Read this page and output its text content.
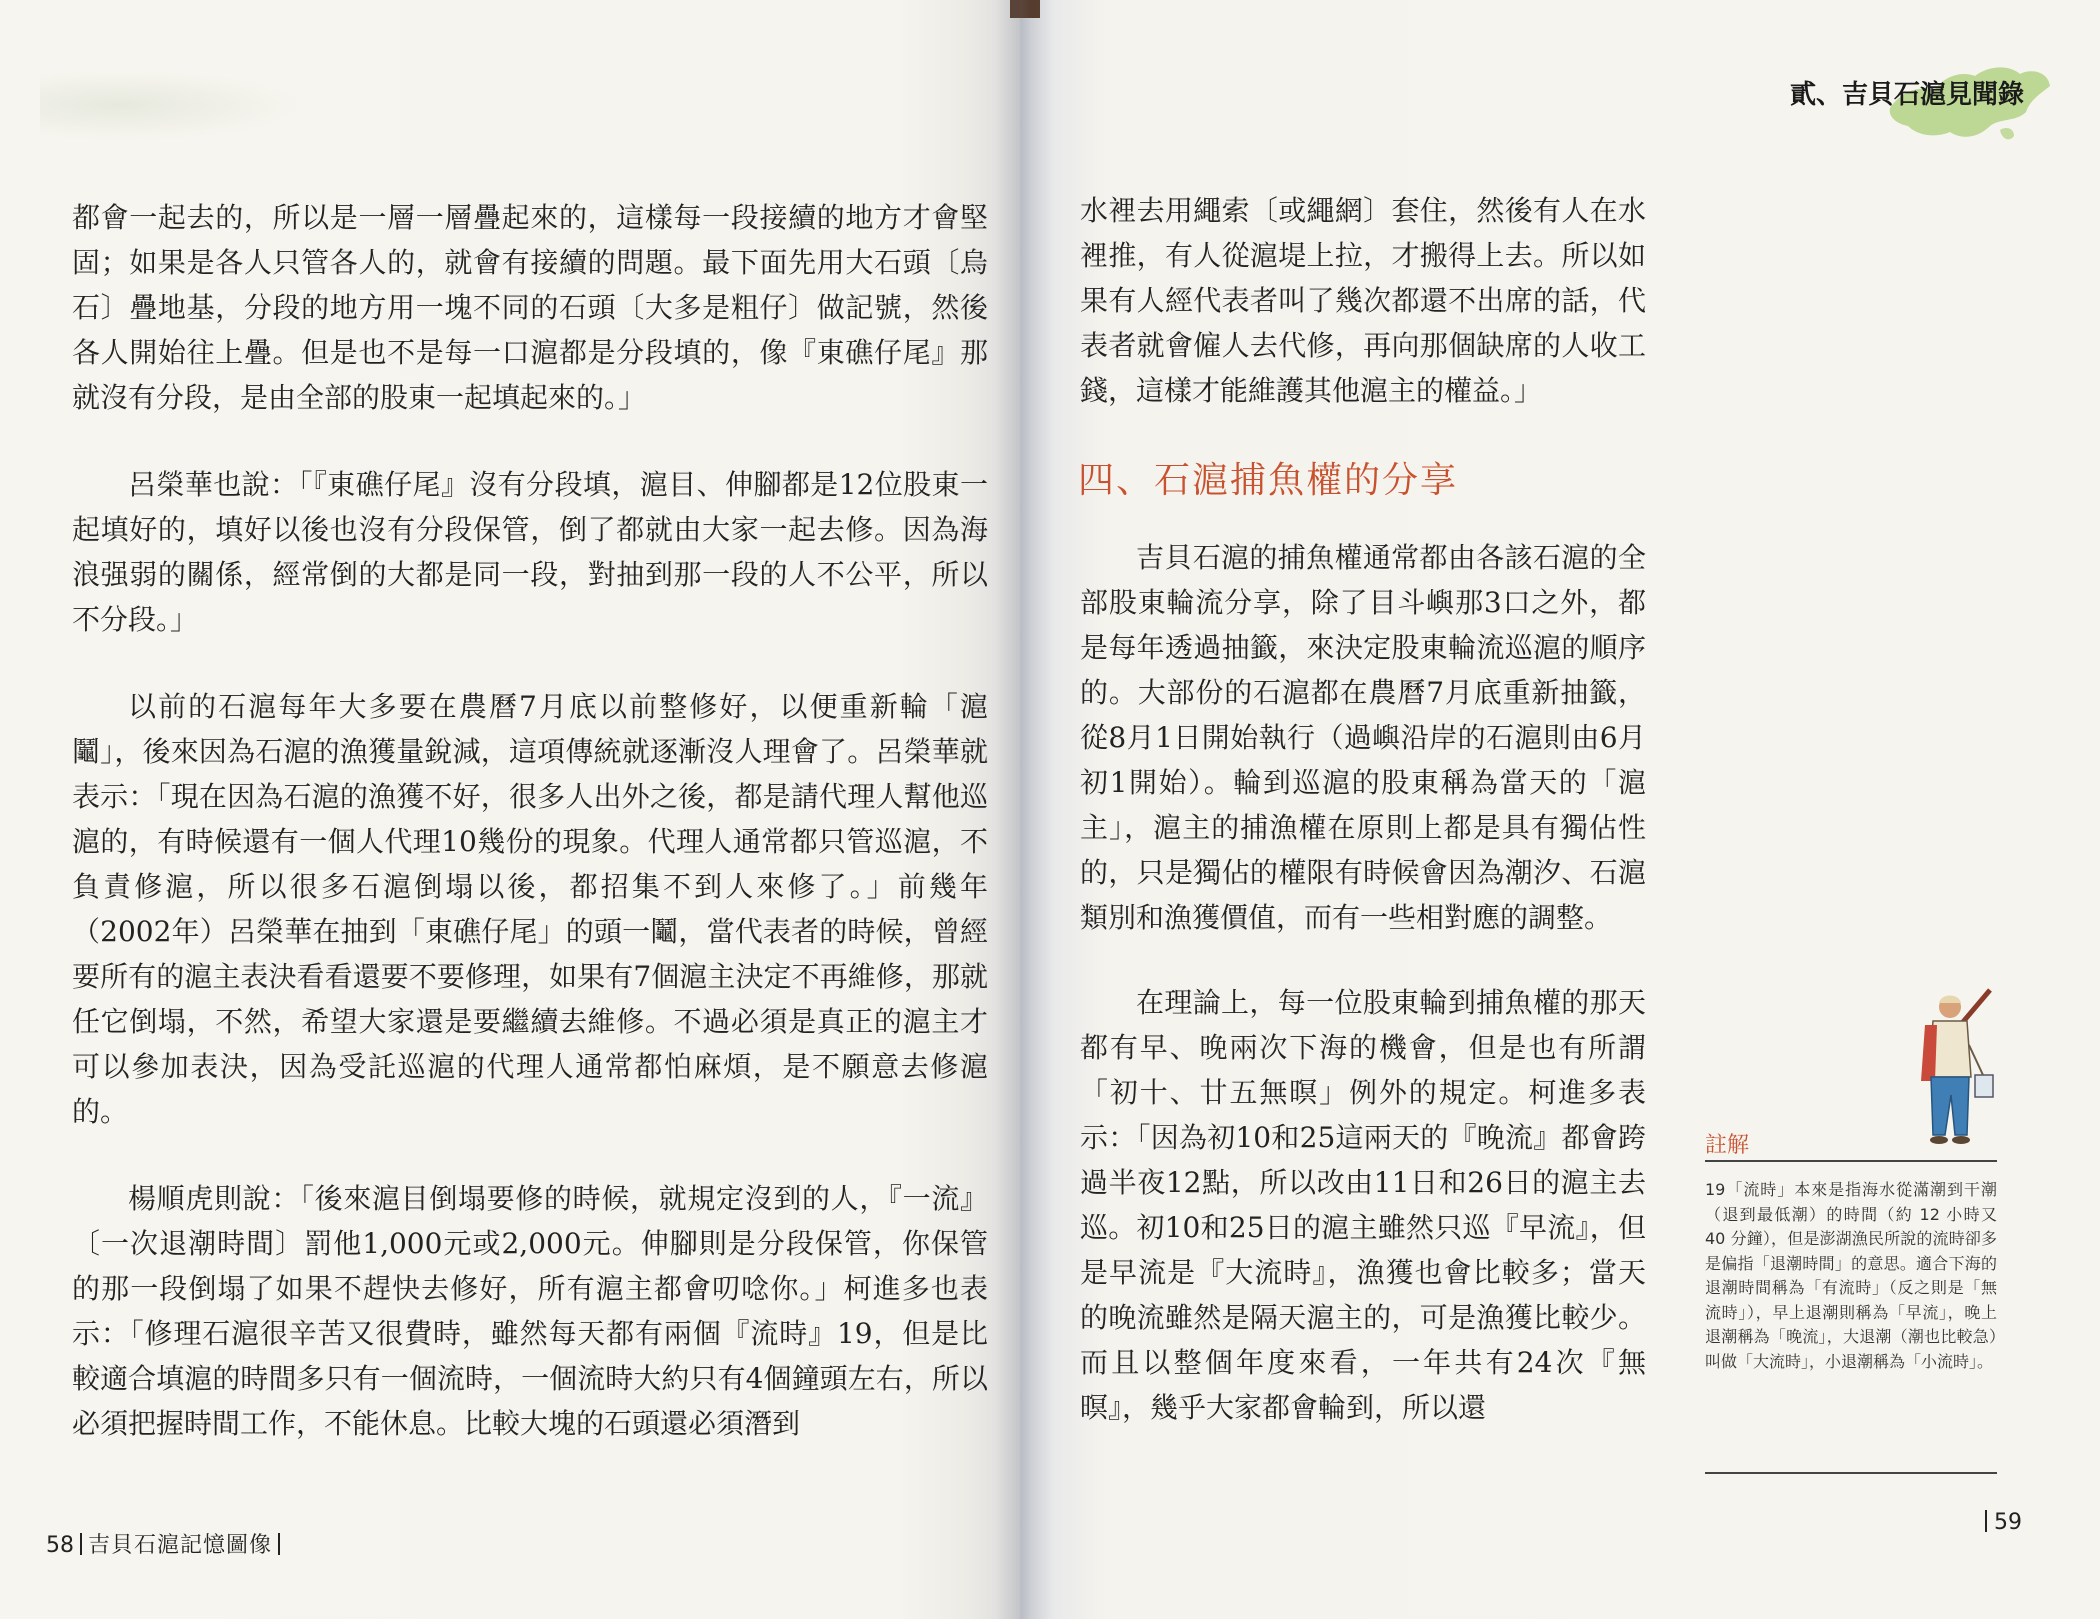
都會一起去的，所以是一層一層疊起來的，這樣每一段接續的地方才會堅固；如果是各人只管各人的，就會有接續的問題。最下面先用大石頭〔烏石〕疊地基，分段的地方用一塊不同的石頭〔大多是粗仔〕做記號，然後各人開始往上疊。但是也不是每一口滬都是分段填的，像『東礁仔尾』那就沒有分段，是由全部的股東一起填起來的。」

呂榮華也說：「『東礁仔尾』沒有分段填，滬目、伸腳都是12位股東一起填好的，填好以後也沒有分段保管，倒了都就由大家一起去修。因為海浪强弱的關係，經常倒的大都是同一段，對抽到那一段的人不公平，所以不分段。」

以前的石滬每年大多要在農曆7月底以前整修好，以便重新輪「滬鬮」，後來因為石滬的漁獲量銳減，這項傳統就逐漸沒人理會了。呂榮華就表示：「現在因為石滬的漁獲不好，很多人出外之後，都是請代理人幫他巡滬的，有時候還有一個人代理10幾份的現象。代理人通常都只管巡滬，不負責修滬，所以很多石滬倒塌以後，都招集不到人來修了。」前幾年（2002年）呂榮華在抽到「東礁仔尾」的頭一鬮，當代表者的時候，曾經要所有的滬主表決看看還要不要修理，如果有7個滬主決定不再維修，那就任它倒塌，不然，希望大家還是要繼續去維修。不過必須是真正的滬主才可以參加表決，因為受託巡滬的代理人通常都怕麻煩，是不願意去修滬的。

楊順虎則說：「後來滬目倒塌要修的時候，就規定沒到的人，『一流』〔一次退潮時間〕罰他1,000元或2,000元。伸腳則是分段保管，你保管的那一段倒塌了如果不趕快去修好，所有滬主都會叨唸你。」柯進多也表示：「修理石滬很辛苦又很費時，雖然每天都有兩個『流時』19，但是比較適合填滬的時間多只有一個流時，一個流時大約只有4個鐘頭左右，所以必須把握時間工作，不能休息。比較大塊的石頭還必須潛到

58 吉貝石滬記憶圖像
貳、吉貝石滬見聞錄

水裡去用繩索〔或繩網〕套住，然後有人在水裡推，有人從滬堤上拉，才搬得上去。所以如果有人經代表者叫了幾次都還不出席的話，代表者就會僱人去代修，再向那個缺席的人收工錢，這樣才能維護其他滬主的權益。」

四、石滬捕魚權的分享

吉貝石滬的捕魚權通常都由各該石滬的全部股東輪流分享，除了目斗嶼那3口之外，都是每年透過抽籤，來決定股東輪流巡滬的順序的。大部份的石滬都在農曆7月底重新抽籤，從8月1日開始執行（過嶼沿岸的石滬則由6月初1開始）。輪到巡滬的股東稱為當天的「滬主」，滬主的捕漁權在原則上都是具有獨佔性的，只是獨佔的權限有時候會因為潮汐、石滬類別和漁獲價值，而有一些相對應的調整。

在理論上，每一位股東輪到捕魚權的那天都有早、晚兩次下海的機會，但是也有所謂「初十、廿五無暝」例外的規定。柯進多表示：「因為初10和25這兩天的『晚流』都會跨過半夜12點，所以改由11日和26日的滬主去巡。初10和25日的滬主雖然只巡『早流』，但是早流是『大流時』，漁獲也會比較多；當天的晚流雖然是隔天滬主的，可是漁獲比較少。而且以整個年度來看，一年共有24次『無暝』，幾乎大家都會輪到，所以還

註解

19「流時」本來是指海水從滿潮到干潮（退到最低潮）的時間（約 12 小時又 40 分鐘），但是澎湖漁民所說的流時卻多是偏指「退潮時間」的意思。適合下海的退潮時間稱為「有流時」（反之則是「無流時」），早上退潮則稱為「早流」，晚上退潮稱為「晚流」，大退潮（潮也比較急）叫做「大流時」，小退潮稱為「小流時」。

59
